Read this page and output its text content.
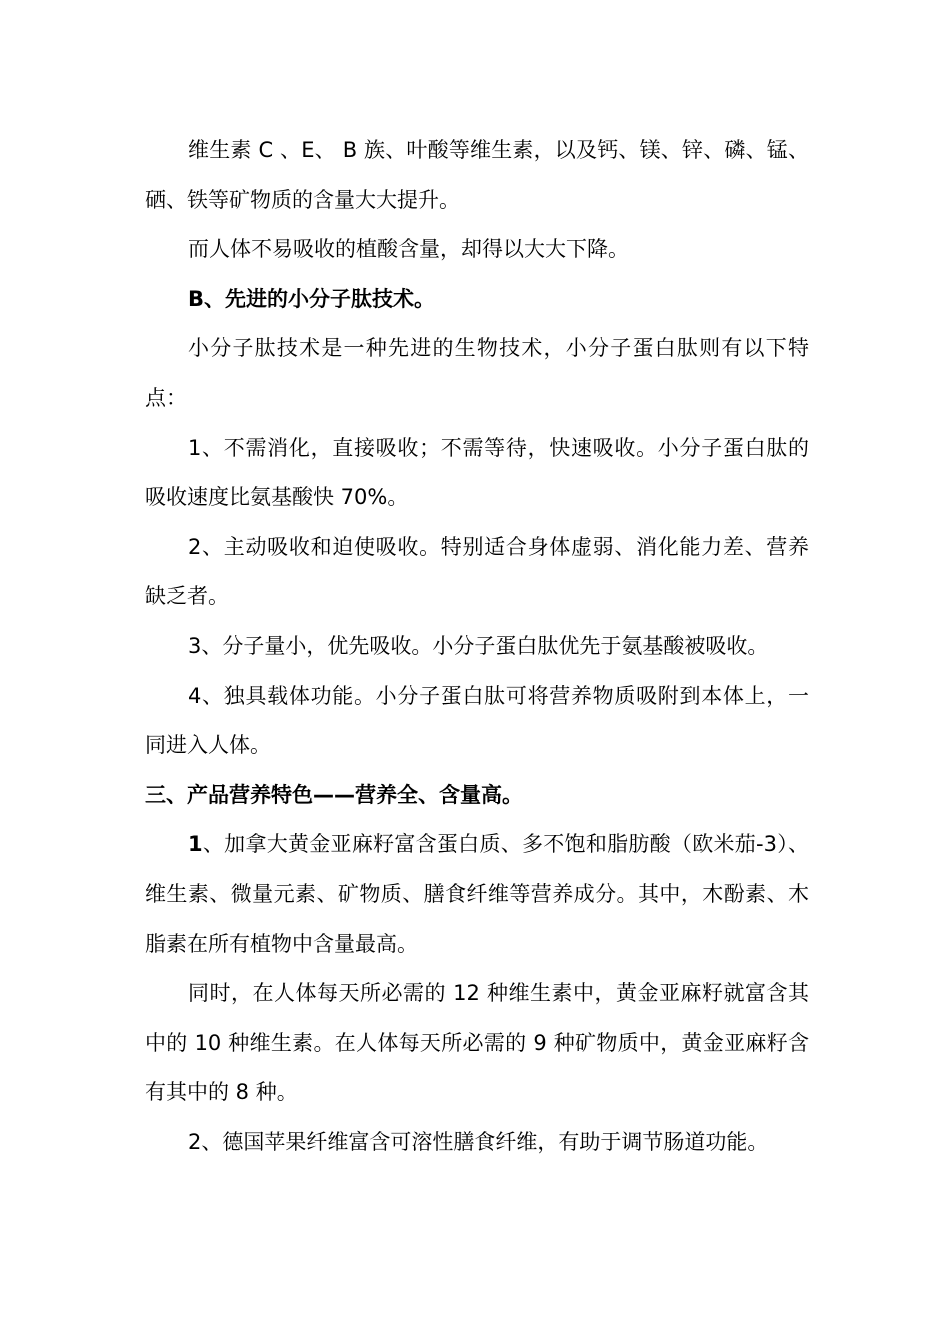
维生素 C 、E、 B 族、叶酸等维生素，以及钙、镁、锌、磷、锰、硒、铁等矿物质的含量大大提升。

而人体不易吸收的植酸含量，却得以大大下降。

B、先进的小分子肽技术。

小分子肽技术是一种先进的生物技术，小分子蛋白肽则有以下特点：

1、不需消化，直接吸收；不需等待，快速吸收。小分子蛋白肽的吸收速度比氨基酸快 70%。

2、主动吸收和迫使吸收。特别适合身体虚弱、消化能力差、营养缺乏者。

3、分子量小，优先吸收。小分子蛋白肽优先于氨基酸被吸收。

4、独具载体功能。小分子蛋白肽可将营养物质吸附到本体上，一同进入人体。

三、产品营养特色——营养全、含量高。

1、加拿大黄金亚麻籽富含蛋白质、多不饱和脂肪酸（欧米茄-3）、维生素、微量元素、矿物质、膳食纤维等营养成分。其中，木酚素、木脂素在所有植物中含量最高。

同时，在人体每天所必需的 12 种维生素中，黄金亚麻籽就富含其中的 10 种维生素。在人体每天所必需的 9 种矿物质中，黄金亚麻籽含有其中的 8 种。

2、德国苹果纤维富含可溶性膳食纤维，有助于调节肠道功能。
